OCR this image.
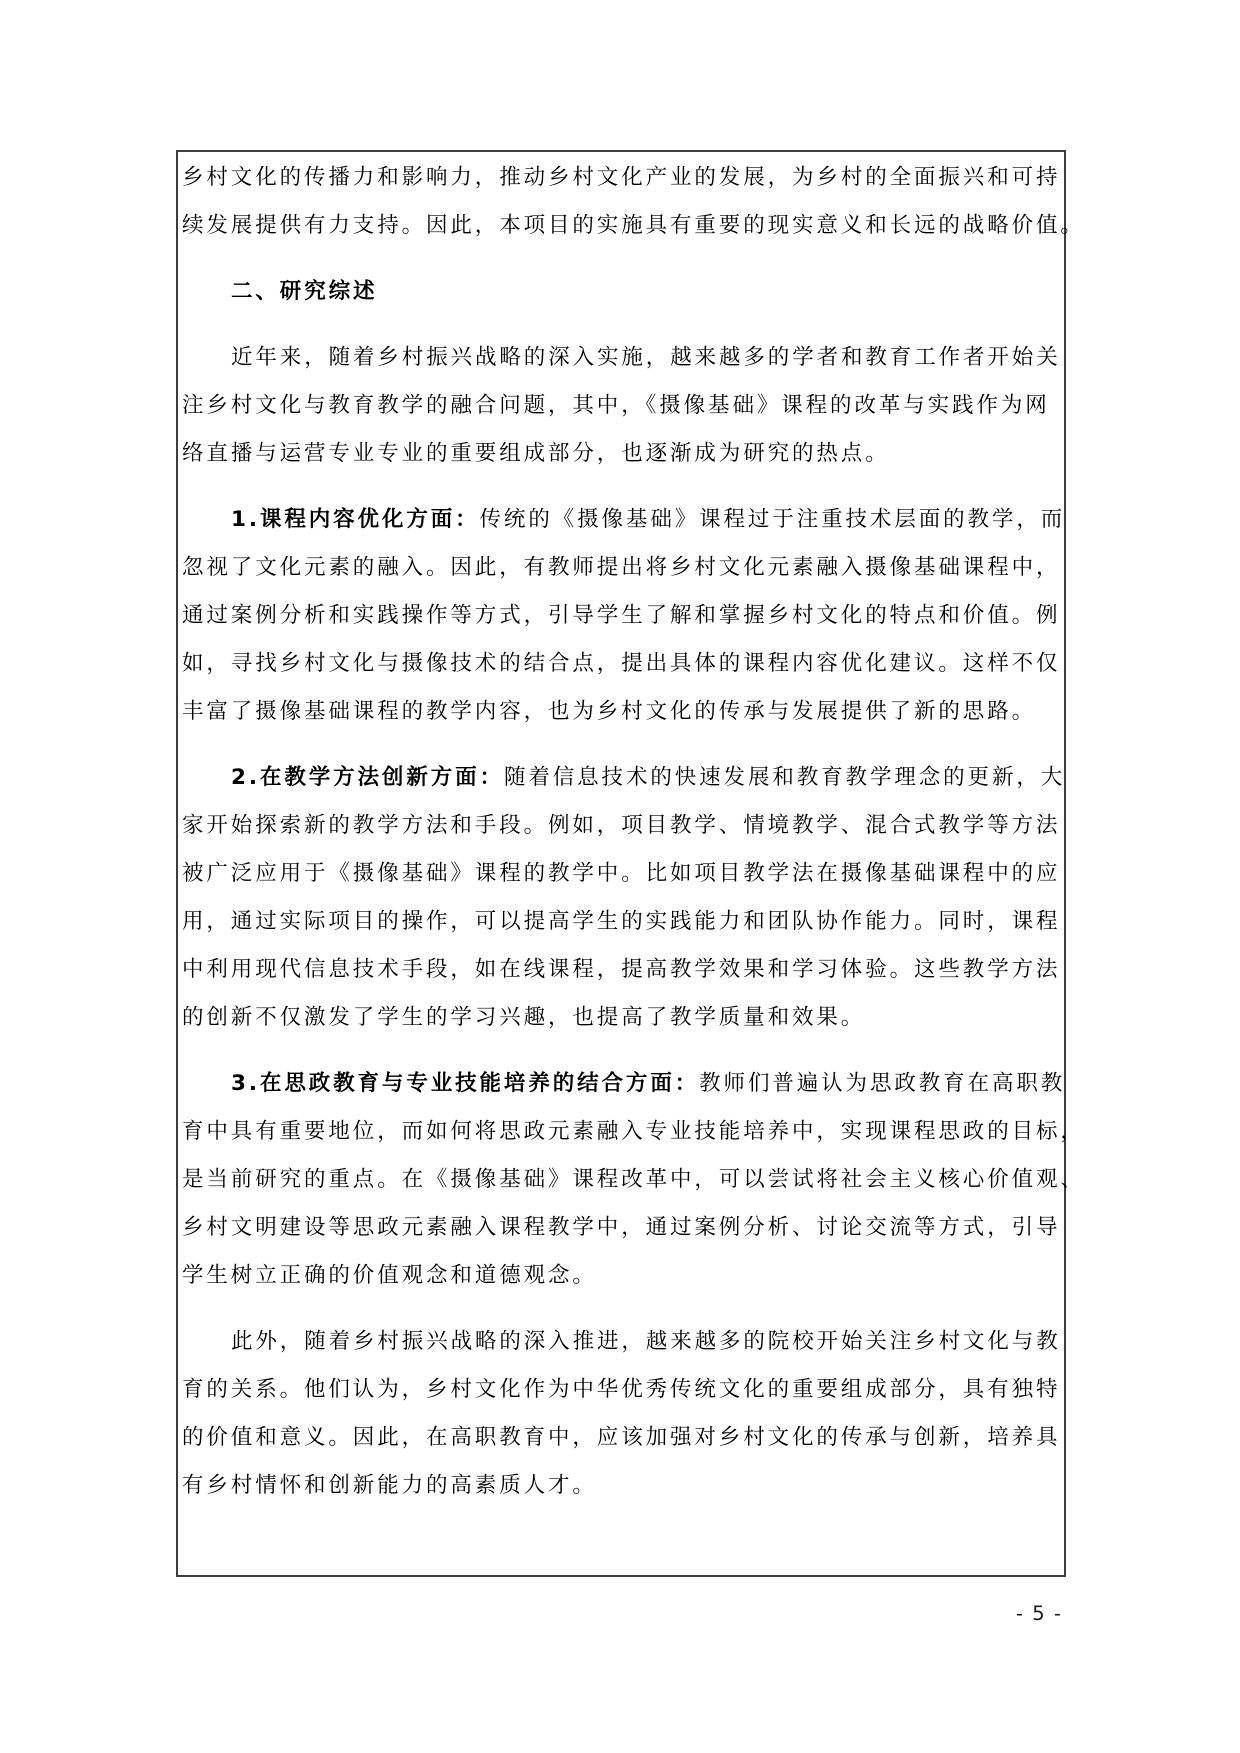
乡村文化的传播力和影响力，推动乡村文化产业的发展，为乡村的全面振兴和可持
续发展提供有力支持。因此，本项目的实施具有重要的现实意义和长远的战略价值。
二、研究综述
近年来，随着乡村振兴战略的深入实施，越来越多的学者和教育工作者开始关
注乡村文化与教育教学的融合问题，其中，《摄像基础》课程的改革与实践作为网
络直播与运营专业专业的重要组成部分，也逐渐成为研究的热点。
1.课程内容优化方面：传统的《摄像基础》课程过于注重技术层面的教学，而
忽视了文化元素的融入。因此，有教师提出将乡村文化元素融入摄像基础课程中，
通过案例分析和实践操作等方式，引导学生了解和掌握乡村文化的特点和价值。例
如，寻找乡村文化与摄像技术的结合点，提出具体的课程内容优化建议。这样不仅
丰富了摄像基础课程的教学内容，也为乡村文化的传承与发展提供了新的思路。
2.在教学方法创新方面：随着信息技术的快速发展和教育教学理念的更新，大
家开始探索新的教学方法和手段。例如，项目教学、情境教学、混合式教学等方法
被广泛应用于《摄像基础》课程的教学中。比如项目教学法在摄像基础课程中的应
用，通过实际项目的操作，可以提高学生的实践能力和团队协作能力。同时，课程
中利用现代信息技术手段，如在线课程，提高教学效果和学习体验。这些教学方法
的创新不仅激发了学生的学习兴趣，也提高了教学质量和效果。
3.在思政教育与专业技能培养的结合方面：教师们普遍认为思政教育在高职教
育中具有重要地位，而如何将思政元素融入专业技能培养中，实现课程思政的目标，
是当前研究的重点。在《摄像基础》课程改革中，可以尝试将社会主义核心价值观、
乡村文明建设等思政元素融入课程教学中，通过案例分析、讨论交流等方式，引导
学生树立正确的价值观念和道德观念。
此外，随着乡村振兴战略的深入推进，越来越多的院校开始关注乡村文化与教
育的关系。他们认为，乡村文化作为中华优秀传统文化的重要组成部分，具有独特
的价值和意义。因此，在高职教育中，应该加强对乡村文化的传承与创新，培养具
有乡村情怀和创新能力的高素质人才。
- 5 -
